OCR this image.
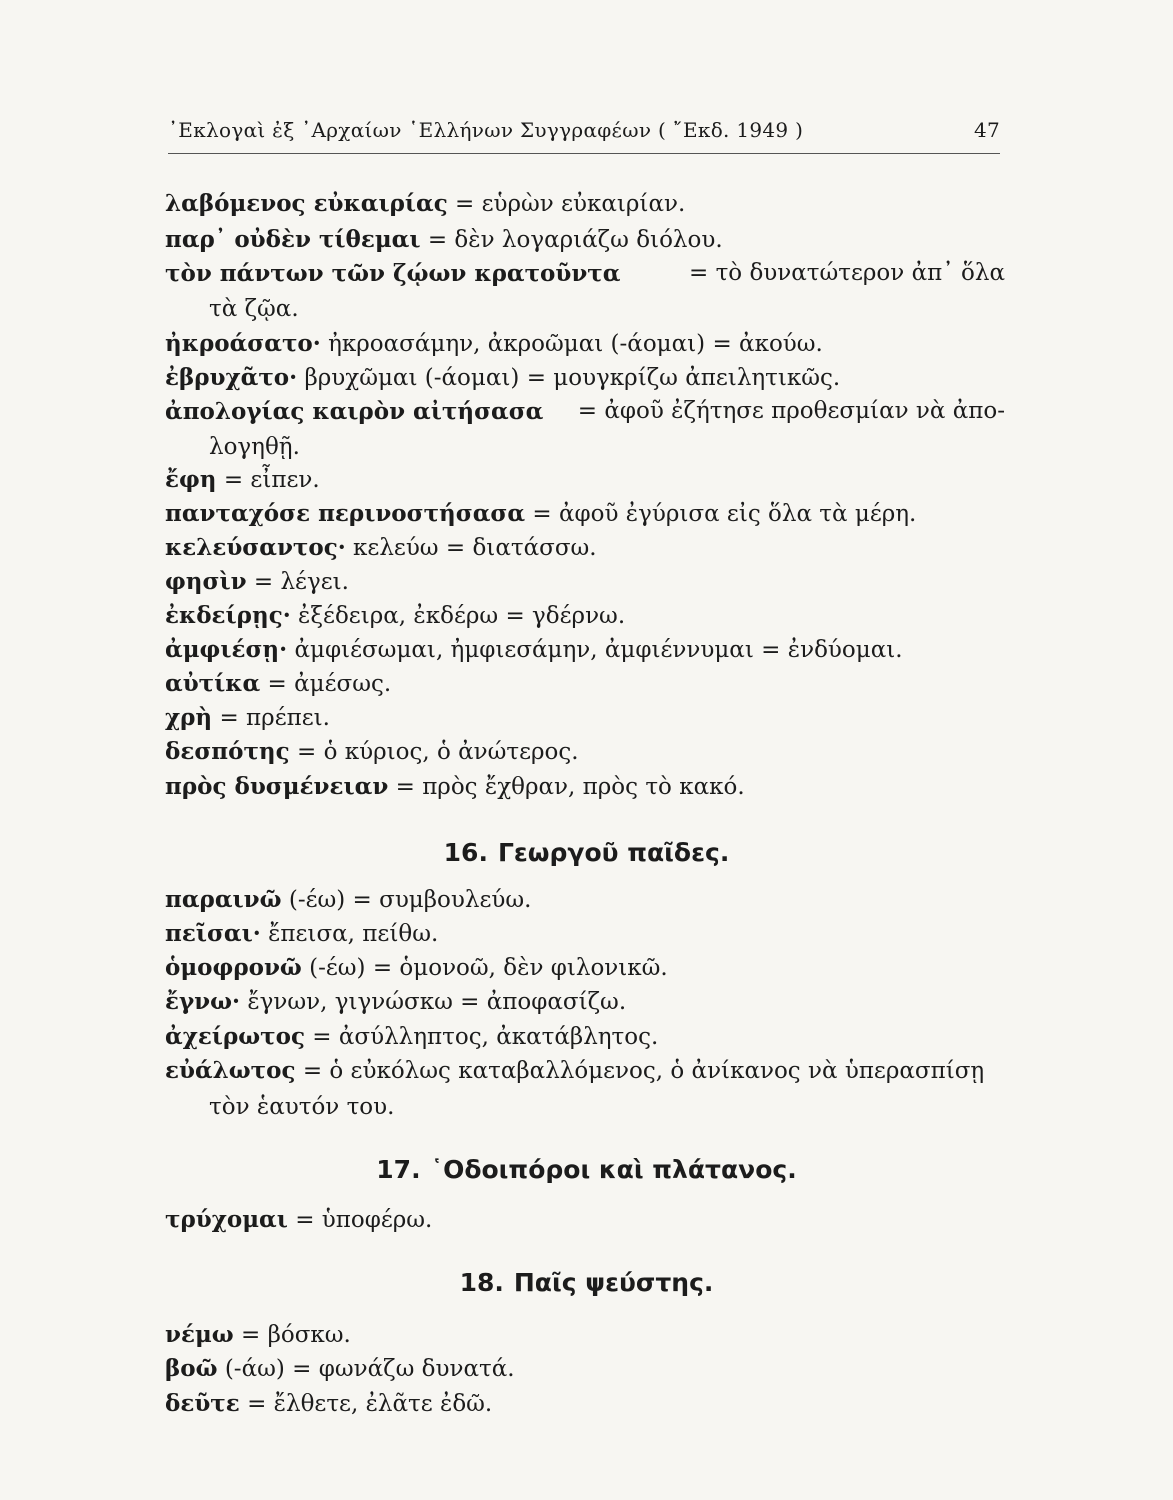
᾿Εκλογαὶ ἐξ ᾿Αρχαίων ῾Ελλήνων Συγγραφέων ( ῎Εκδ. 1949 )	47
λαβόμενος εὐκαιρίας = εὑρὼν εὐκαιρίαν.
παρ᾿ οὐδὲν τίθεμαι = δὲν λογαριάζω διόλου.
τὸν πάντων τῶν ζῴων κρατοῦντα	= τὸ δυνατώτερον ἀπ᾿ ὅλα
τὰ ζῷα.
ἠκροάσατο· ἠκροασάμην, ἀκροῶμαι (-άομαι) = ἀκούω.
ἐβρυχᾶτο· βρυχῶμαι (-άομαι) = μουγκρίζω ἀπειλητικῶς.
ἀπολογίας καιρὸν αἰτήσασα = ἀφοῦ ἐζήτησε προθεσμίαν νὰ ἀπο-
λογηθῇ.
ἔφη = εἶπεν.
πανταχόσε περινοστήσασα = ἀφοῦ ἐγύρισα εἰς ὅλα τὰ μέρη.
κελεύσαντος· κελεύω = διατάσσω.
φησὶν = λέγει.
ἐκδείρῃς· ἐξέδειρα, ἐκδέρω = γδέρνω.
ἀμφιέσῃ· ἀμφιέσωμαι, ἠμφιεσάμην, ἀμφιέννυμαι = ἐνδύομαι.
αὐτίκα = ἀμέσως.
χρὴ = πρέπει.
δεσπότης = ὁ κύριος, ὁ ἀνώτερος.
πρὸς δυσμένειαν = πρὸς ἔχθραν, πρὸς τὸ κακό.
16. Γεωργοῦ παῖδες.
παραινῶ (-έω) = συμβουλεύω.
πεῖσαι· ἔπεισα, πείθω.
ὁμοφρονῶ (-έω) = ὁμονοῶ, δὲν φιλονικῶ.
ἔγνω· ἔγνων, γιγνώσκω = ἀποφασίζω.
ἀχείρωτος = ἀσύλληπτος, ἀκατάβλητος.
εὐάλωτος = ὁ εὐκόλως καταβαλλόμενος, ὁ ἀνίκανος νὰ ὑπερασπίσῃ
τὸν ἑαυτόν του.
17. ῾Οδοιπόροι καὶ πλάτανος.
τρύχομαι = ὑποφέρω.
18. Παῖς ψεύστης.
νέμω = βόσκω.
βοῶ (-άω) = φωνάζω δυνατά.
δεῦτε = ἔλθετε, ἐλᾶτε ἐδῶ.
